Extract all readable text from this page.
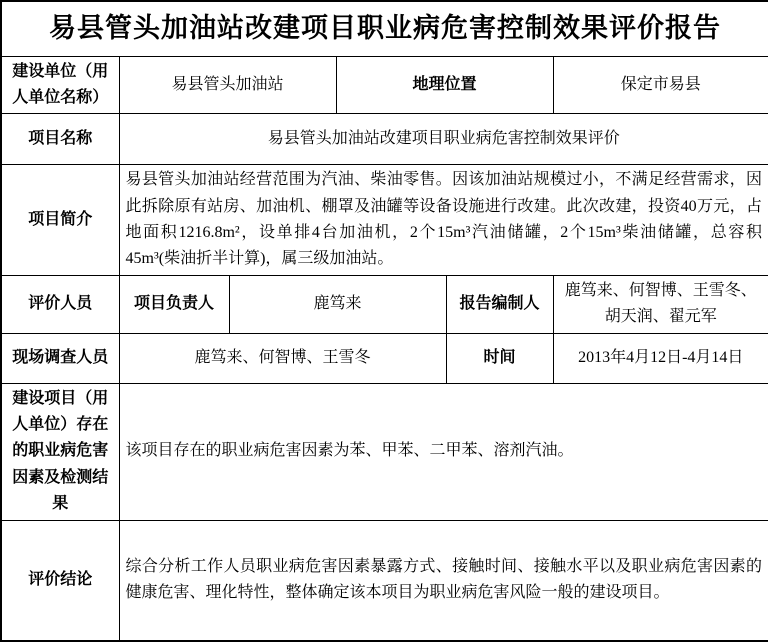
易县管头加油站改建项目职业病危害控制效果评价报告					
建设单位（用人单位名称）	易县管头加油站		地理位置		保定市易县
项目名称	易县管头加油站改建项目职业病危害控制效果评价				
项目简介	易县管头加油站经营范围为汽油、柴油零售。因该加油站规模过小，不满足经营需求，因此拆除原有站房、加油机、棚罩及油罐等设备设施进行改建。此次改建，投资40万元，占地面积1216.8m²，设单排4台加油机，2个15m³汽油储罐，2个15m³柴油储罐，总容积45m³(柴油折半计算)，属三级加油站。				
评价人员	项目负责人	鹿笃来		报告编制人	鹿笃来、何智博、王雪冬、胡天润、翟元军
现场调查人员	鹿笃来、何智博、王雪冬			时间	2013年4月12日-4月14日
建设项目（用人单位）存在的职业病危害因素及检测结果	该项目存在的职业病危害因素为苯、甲苯、二甲苯、溶剂汽油。				
评价结论	综合分析工作人员职业病危害因素暴露方式、接触时间、接触水平以及职业病危害因素的健康危害、理化特性，整体确定该本项目为职业病危害风险一般的建设项目。				
